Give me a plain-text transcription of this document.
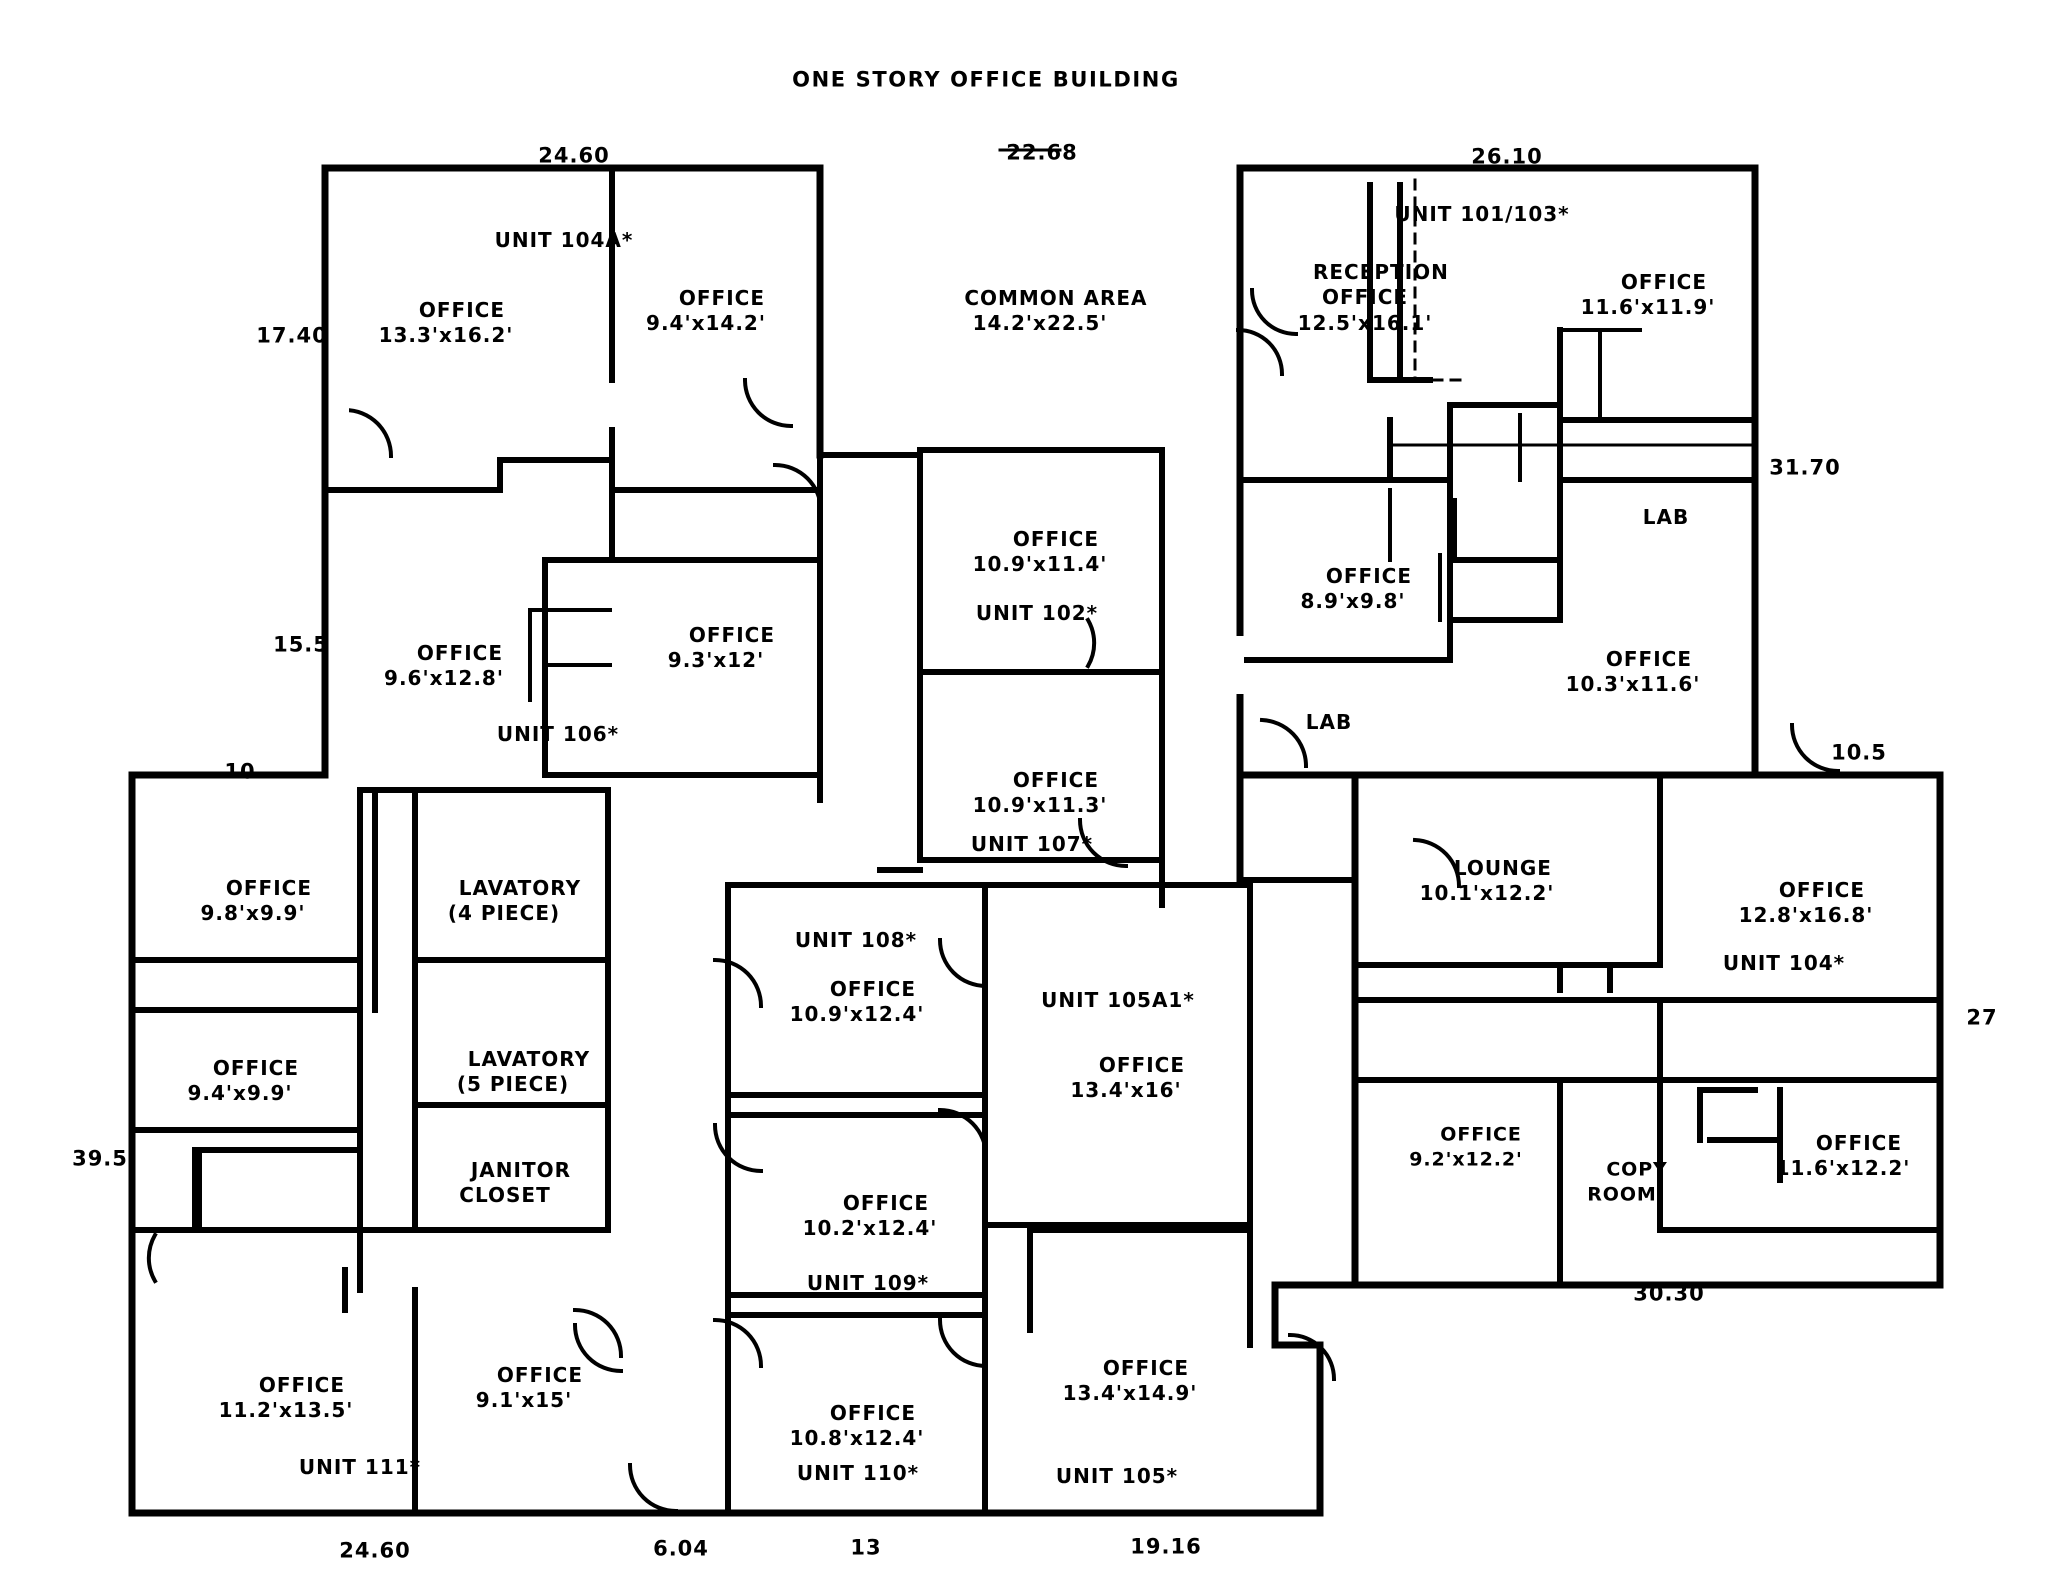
ONE STORY OFFICE BUILDING

OFFICE
13.3'x16.2'

OFFICE
9.4'x14.2'

COMMON AREA
14.2'x22.5'

RECEPTION
OFFICE
12.5'x16.1'

OFFICE
11.6'x11.9'

OFFICE
9.6'x12.8'

OFFICE
9.3'x12'

OFFICE
10.9'x11.4'
	OFFICE
8.9'x9.8'

LAB

OFFICE
10.3'x11.6'

OFFICE
10.9'x11.3'

LAB

OFFICE
9.8'x9.9'

LAVATORY
(4 PIECE)

LOUNGE
10.1'x12.2'
	OFFICE
12.8'x16.8'

OFFICE
10.9'x12.4'

OFFICE
13.4'x16'

OFFICE
9.4'x9.9'

LAVATORY
(5 PIECE)

JANITOR
CLOSET
	OFFICE
10.2'x12.4'

OFFICE
9.2'x12.2'
	COPY
ROOM

OFFICE
11.6'x12.2'

OFFICE
13.4'x14.9'

OFFICE
11.2'x13.5'

OFFICE
9.1'x15'

OFFICE
10.8'x12.4'

UNIT 104A*
UNIT 101/103*
UNIT 106*
UNIT 102*
UNIT 107*
UNIT 108*
UNIT 105A1*
UNIT 104*
UNIT 109*
UNIT 111*	UNIT 110*	UNIT 105*
24.60	22.68	26.10
17.40
31.70
15.5
10
10.5
27
39.5
30.30
24.60	6.04	13	19.16
